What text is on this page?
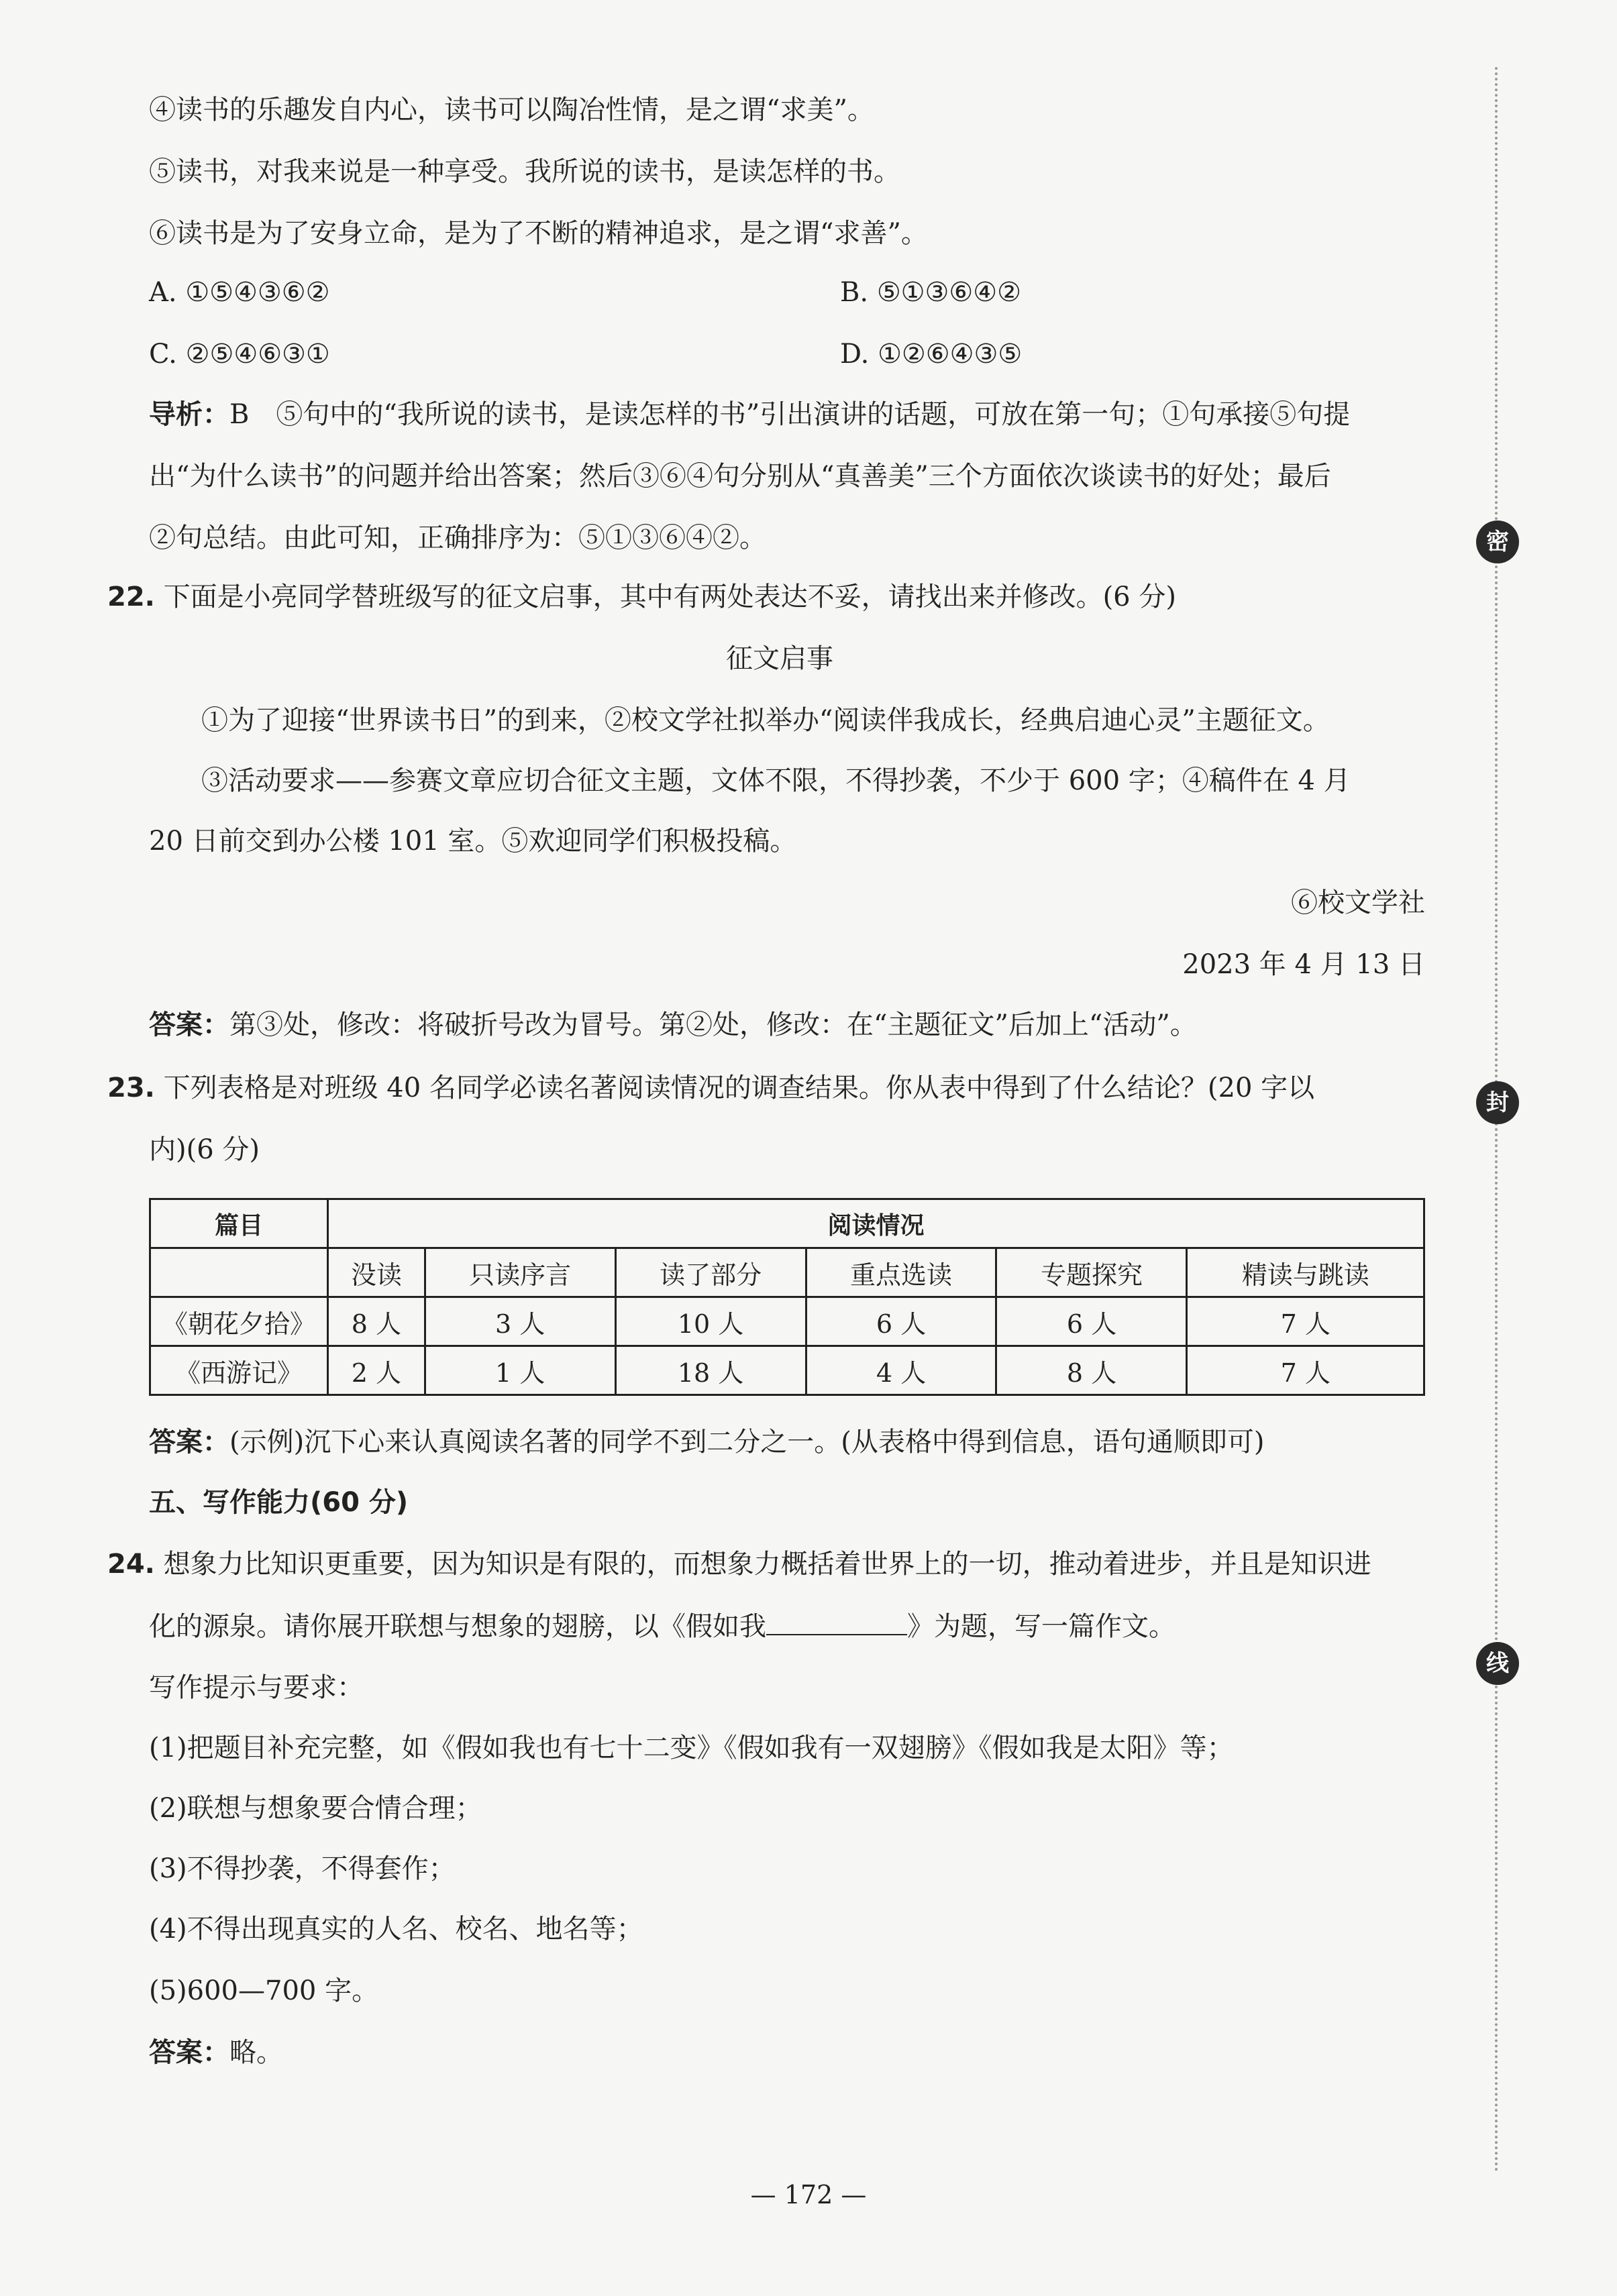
④读书的乐趣发自内心，读书可以陶冶性情，是之谓“求美”。
⑤读书，对我来说是一种享受。我所说的读书，是读怎样的书。
⑥读书是为了安身立命，是为了不断的精神追求，是之谓“求善”。
A. ①⑤④③⑥②	B. ⑤①③⑥④②
C. ②⑤④⑥③①	D. ①②⑥④③⑤
导析：B　⑤句中的“我所说的读书，是读怎样的书”引出演讲的话题，可放在第一句；①句承接⑤句提
出“为什么读书”的问题并给出答案；然后③⑥④句分别从“真善美”三个方面依次谈读书的好处；最后
②句总结。由此可知，正确排序为：⑤①③⑥④②。
22. 下面是小亮同学替班级写的征文启事，其中有两处表达不妥，请找出来并修改。(6 分)
征文启事
①为了迎接“世界读书日”的到来，②校文学社拟举办“阅读伴我成长，经典启迪心灵”主题征文。
③活动要求——参赛文章应切合征文主题，文体不限，不得抄袭，不少于 600 字；④稿件在 4 月
20 日前交到办公楼 101 室。⑤欢迎同学们积极投稿。
⑥校文学社
2023 年 4 月 13 日
答案：第③处，修改：将破折号改为冒号。第②处，修改：在“主题征文”后加上“活动”。
23. 下列表格是对班级 40 名同学必读名著阅读情况的调查结果。你从表中得到了什么结论？(20 字以
内)(6 分)
篇目	阅读情况					
	没读	只读序言	读了部分	重点选读	专题探究	精读与跳读
《朝花夕拾》	8 人	3 人	10 人	6 人	6 人	7 人
《西游记》	2 人	1 人	18 人	4 人	8 人	7 人
答案：(示例)沉下心来认真阅读名著的同学不到二分之一。(从表格中得到信息，语句通顺即可)
五、写作能力(60 分)
24. 想象力比知识更重要，因为知识是有限的，而想象力概括着世界上的一切，推动着进步，并且是知识进
化的源泉。请你展开联想与想象的翅膀，以《假如我	》为题，写一篇作文。
写作提示与要求：
(1)把题目补充完整，如《假如我也有七十二变》《假如我有一双翅膀》《假如我是太阳》等；
(2)联想与想象要合情合理；
(3)不得抄袭，不得套作；
(4)不得出现真实的人名、校名、地名等；
(5)600—700 字。
答案：略。
密
封
线
— 172 —
